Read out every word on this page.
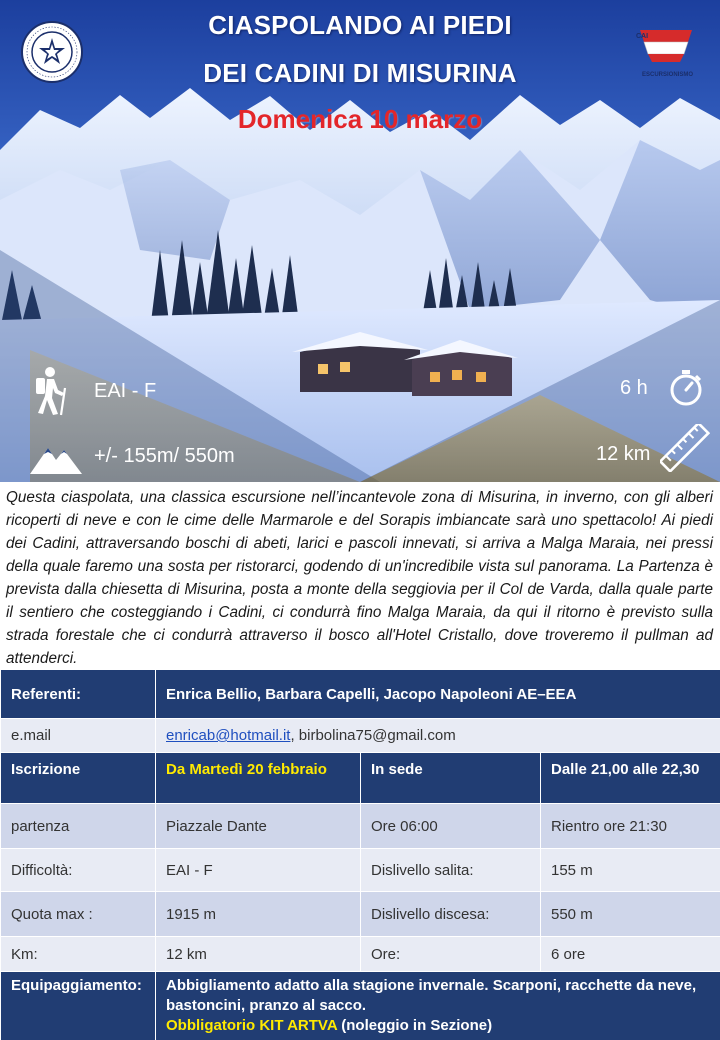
CIASPOLANDO AI PIEDI
DEI CADINI DI MISURINA
Domenica 10 marzo
CAI
ESCURSIONISMO
EAI - F
+/- 155m/ 550m
6 h
12 km

Questa ciaspolata, una classica escursione nell’incantevole zona di Misurina, in inverno, con gli alberi ricoperti di neve e con le cime delle Marmarole e del Sorapis imbiancate sarà uno spettacolo! Ai piedi dei Cadini, attraversando boschi di abeti, larici e pascoli innevati, si arriva a Malga Maraia, nei pressi della quale faremo una sosta per ristorarci, godendo di un'incredibile vista sul panorama. La Partenza è prevista dalla chiesetta di Misurina, posta a monte della seggiovia per il Col de Varda, dalla quale parte il sentiero che costeggiando i Cadini, ci condurrà fino Malga Maraia, da qui il ritorno è previsto sulla strada forestale che ci condurrà attraverso il bosco all'Hotel Cristallo, dove troveremo il pullman ad attenderci.

Referenti:	Enrica Bellio, Barbara Capelli, Jacopo Napoleoni AE–EEA		
e.mail	enricab@hotmail.it, birbolina75@gmail.com		
Iscrizione	Da Martedì 20 febbraio	In sede	Dalle 21,00 alle 22,30
partenza	Piazzale Dante	Ore 06:00	Rientro ore 21:30
Difficoltà:	EAI - F	Dislivello salita:	155 m
Quota max :	1915 m	Dislivello discesa:	550 m
Km:	12 km	Ore:	6 ore
Equipaggiamento:	Abbigliamento adatto alla stagione invernale. Scarponi, racchette da neve, bastoncini, pranzo al sacco.
Obbligatorio KIT ARTVA (noleggio in Sezione)		
